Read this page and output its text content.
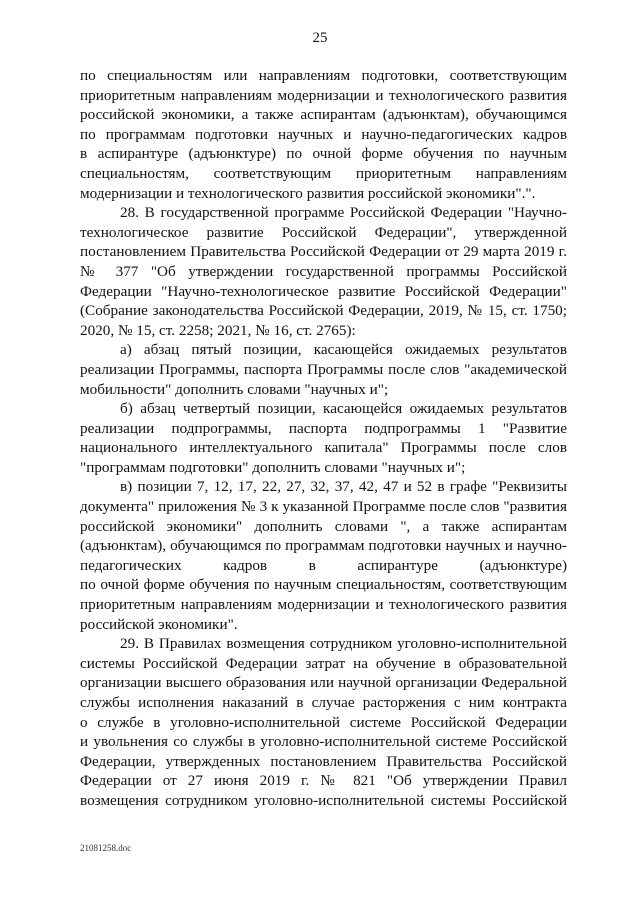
25
по специальностям или направлениям подготовки, соответствующим
приоритетным направлениям модернизации и технологического развития
российской экономики, а также аспирантам (адъюнктам), обучающимся
по программам подготовки научных и научно-педагогических кадров
в аспирантуре (адъюнктуре) по очной форме обучения по научным
специальностям, соответствующим приоритетным направлениям
модернизации и технологического развития российской экономики".".
28. В государственной программе Российской Федерации "Научно-
технологическое развитие Российской Федерации", утвержденной
постановлением Правительства Российской Федерации от 29 марта 2019 г.
№ 377 "Об утверждении государственной программы Российской
Федерации "Научно-технологическое развитие Российской Федерации"
(Собрание законодательства Российской Федерации, 2019, № 15, ст. 1750;
2020, № 15, ст. 2258; 2021, № 16, ст. 2765):
а) абзац пятый позиции, касающейся ожидаемых результатов
реализации Программы, паспорта Программы после слов "академической
мобильности" дополнить словами "научных и";
б) абзац четвертый позиции, касающейся ожидаемых результатов
реализации подпрограммы, паспорта подпрограммы 1 "Развитие
национального интеллектуального капитала" Программы после слов
"программам подготовки" дополнить словами "научных и";
в) позиции 7, 12, 17, 22, 27, 32, 37, 42, 47 и 52 в графе "Реквизиты
документа" приложения № 3 к указанной Программе после слов "развития
российской экономики" дополнить словами ", а также аспирантам
(адъюнктам), обучающимся по программам подготовки научных и научно-
педагогических кадров в аспирантуре (адъюнктуре)
по очной форме обучения по научным специальностям, соответствующим
приоритетным направлениям модернизации и технологического развития
российской экономики".
29. В Правилах возмещения сотрудником уголовно-исполнительной
системы Российской Федерации затрат на обучение в образовательной
организации высшего образования или научной организации Федеральной
службы исполнения наказаний в случае расторжения с ним контракта
о службе в уголовно-исполнительной системе Российской Федерации
и увольнения со службы в уголовно-исполнительной системе Российской
Федерации, утвержденных постановлением Правительства Российской
Федерации от 27 июня 2019 г. № 821 "Об утверждении Правил
возмещения сотрудником уголовно-исполнительной системы Российской
21081258.doc
